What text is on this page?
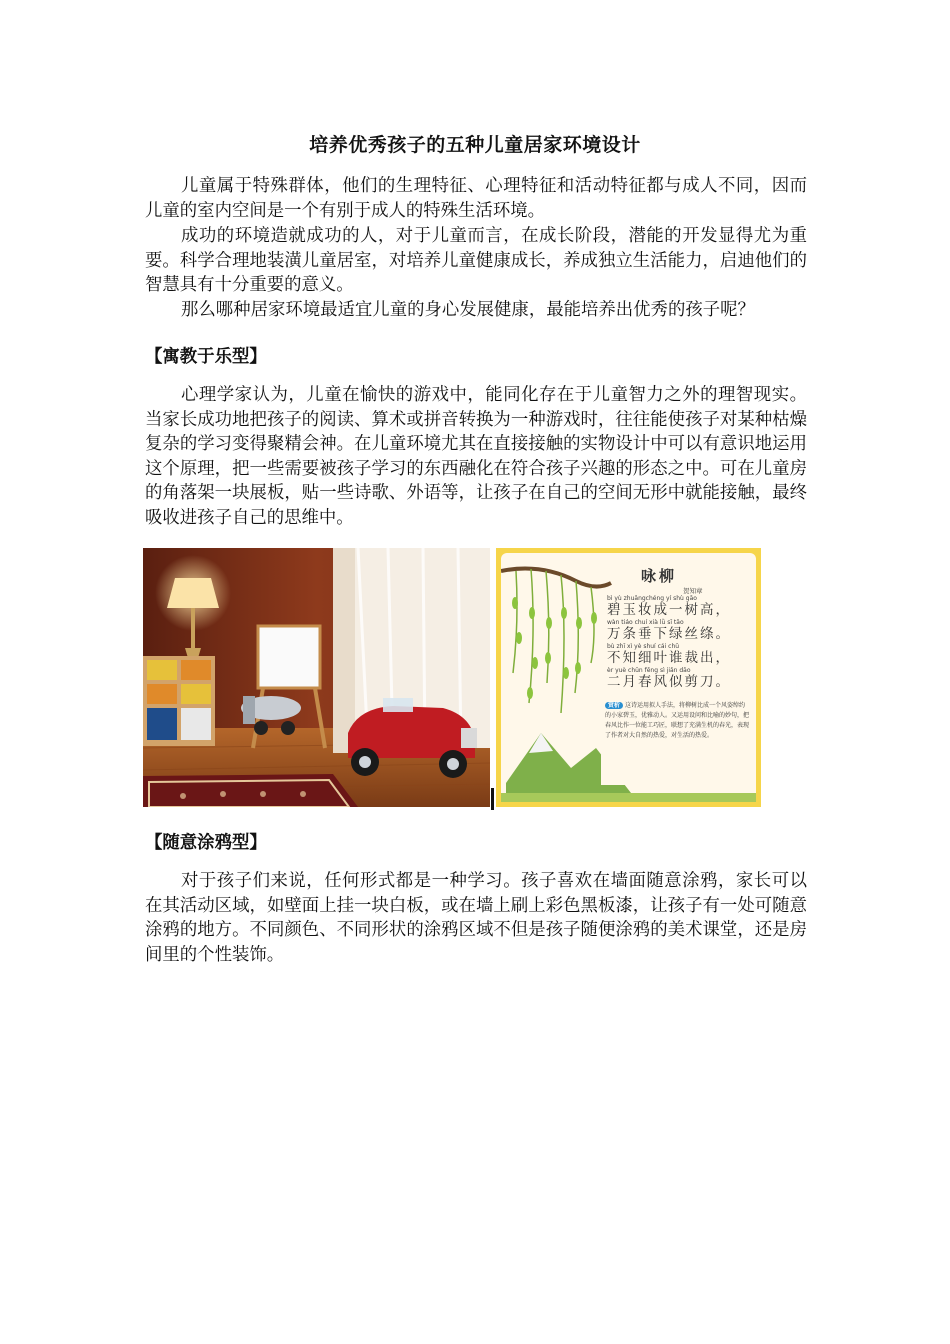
培养优秀孩子的五种儿童居家环境设计

儿童属于特殊群体，他们的生理特征、心理特征和活动特征都与成人不同，因而儿童的室内空间是一个有别于成人的特殊生活环境。

成功的环境造就成功的人，对于儿童而言，在成长阶段，潜能的开发显得尤为重要。科学合理地装潢儿童居室，对培养儿童健康成长，养成独立生活能力，启迪他们的智慧具有十分重要的意义。

那么哪种居家环境最适宜儿童的身心发展健康，最能培养出优秀的孩子呢？

【寓教于乐型】

心理学家认为，儿童在愉快的游戏中，能同化存在于儿童智力之外的理智现实。当家长成功地把孩子的阅读、算术或拼音转换为一种游戏时，往往能使孩子对某种枯燥复杂的学习变得聚精会神。在儿童环境尤其在直接接触的实物设计中可以有意识地运用这个原理，把一些需要被孩子学习的东西融化在符合孩子兴趣的形态之中。可在儿童房的角落架一块展板，贴一些诗歌、外语等，让孩子在自己的空间无形中就能接触，最终吸收进孩子自己的思维中。

咏柳
贺知章
bì yù zhuāngchéng yí shù gāo
碧玉妆成一树高，
wàn tiáo chuí xià lǜ sī tāo
万条垂下绿丝绦。
bù zhī xì yè shuí cái chū
不知细叶谁裁出，
èr yuè chūn fēng sì jiǎn dāo
二月春风似剪刀。
赏析 这诗运用拟人手法，将柳树比成一个风姿绰约的小家碧玉，优雅动人。又运用设问和比喻的妙句，把春风比作一位能工巧匠，联想了充满生机的春光，表现了作者对大自然的热爱，对生活的热爱。
【随意涂鸦型】

对于孩子们来说，任何形式都是一种学习。孩子喜欢在墙面随意涂鸦，家长可以在其活动区域，如壁面上挂一块白板，或在墙上刷上彩色黑板漆，让孩子有一处可随意涂鸦的地方。不同颜色、不同形状的涂鸦区域不但是孩子随便涂鸦的美术课堂，还是房间里的个性装饰。
